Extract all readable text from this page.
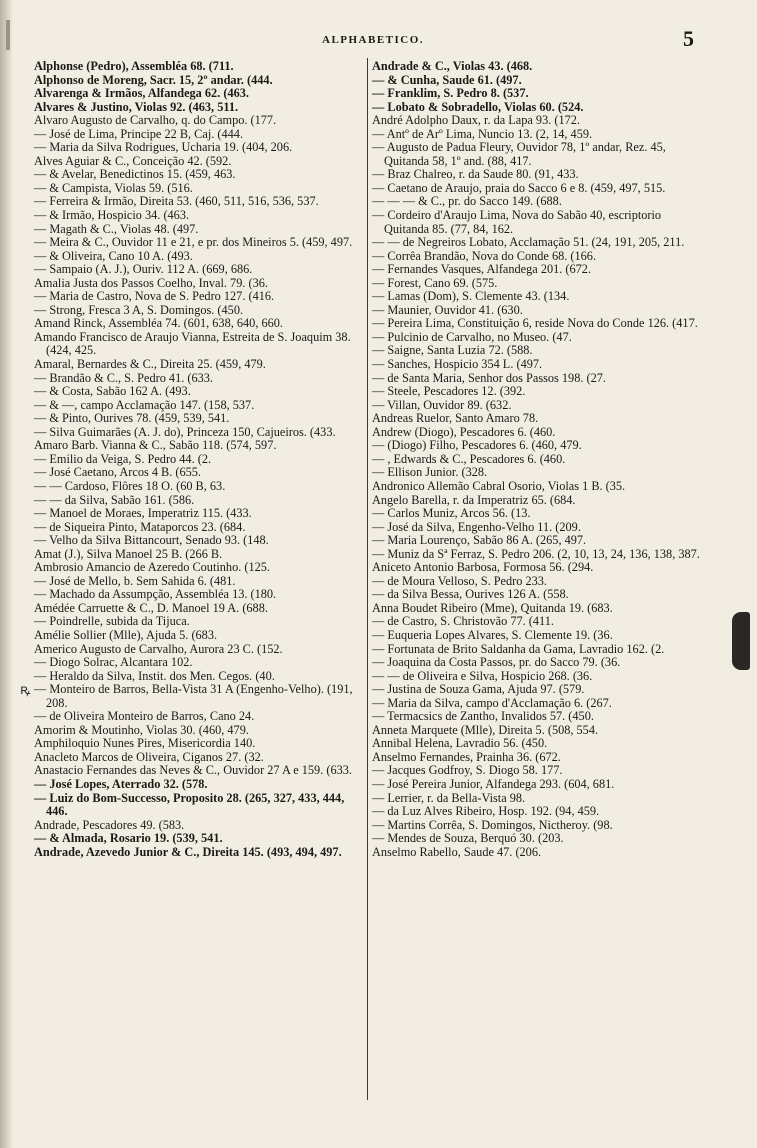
ALPHABETICO.	5

Alphonse (Pedro), Assembléa 68. (711.

Alphonso de Moreng, Sacr. 15, 2º andar. (444.

Alvarenga & Irmãos, Alfandega 62. (463.

Alvares & Justino, Violas 92. (463, 511.

Alvaro Augusto de Carvalho, q. do Campo. (177.

— José de Lima, Principe 22 B, Caj. (444.

— Maria da Silva Rodrigues, Ucharia 19. (404, 206.

Alves Aguiar & C., Conceição 42. (592.

— & Avelar, Benedictinos 15. (459, 463.

— & Campista, Violas 59. (516.

— Ferreira & Irmão, Direita 53. (460, 511, 516, 536, 537.

— & Irmão, Hospicio 34. (463.

— Magath & C., Violas 48. (497.

— Meira & C., Ouvidor 11 e 21, e pr. dos Mineiros 5. (459, 497.

— & Oliveira, Cano 10 A. (493.

— Sampaio (A. J.), Ouriv. 112 A. (669, 686.

Amalia Justa dos Passos Coelho, Inval. 79. (36.

— Maria de Castro, Nova de S. Pedro 127. (416.

— Strong, Fresca 3 A, S. Domingos. (450.

Amand Rinck, Assembléa 74. (601, 638, 640, 660.

Amando Francisco de Araujo Vianna, Estreita de S. Joaquim 38. (424, 425.

Amaral, Bernardes & C., Direita 25. (459, 479.

— Brandão & C., S. Pedro 41. (633.

— & Costa, Sabão 162 A. (493.

— & —, campo Acclamação 147. (158, 537.

— & Pinto, Ourives 78. (459, 539, 541.

— Silva Guimarães (A. J. do), Princeza 150, Cajueiros. (433.

Amaro Barb. Vianna & C., Sabão 118. (574, 597.

— Emilio da Veiga, S. Pedro 44. (2.

— José Caetano, Arcos 4 B. (655.

— — Cardoso, Flôres 18 O. (60 B, 63.

— — da Silva, Sabão 161. (586.

— Manoel de Moraes, Imperatriz 115. (433.

— de Siqueira Pinto, Mataporcos 23. (684.

— Velho da Silva Bittancourt, Senado 93. (148.

Amat (J.), Silva Manoel 25 B. (266 B.

Ambrosio Amancio de Azeredo Coutinho. (125.

— José de Mello, b. Sem Sahida 6. (481.

— Machado da Assumpção, Assembléa 13. (180.

Amédée Carruette & C., D. Manoel 19 A. (688.

— Poindrelle, subida da Tijuca.

Amélie Sollier (Mlle), Ajuda 5. (683.

Americo Augusto de Carvalho, Aurora 23 C. (152.

— Diogo Solrac, Alcantara 102.

— Heraldo da Silva, Instit. dos Men. Cegos. (40.

— Monteiro de Barros, Bella-Vista 31 A (Engenho-Velho). (191, 208.

— de Oliveira Monteiro de Barros, Cano 24.

Amorim & Moutinho, Violas 30. (460, 479.

Amphiloquio Nunes Pires, Misericordia 140.

Anacleto Marcos de Oliveira, Ciganos 27. (32.

Anastacio Fernandes das Neves & C., Ouvidor 27 A e 159. (633.

— José Lopes, Aterrado 32. (578.

— Luiz do Bom-Successo, Proposito 28. (265, 327, 433, 444, 446.

Andrade, Pescadores 49. (583.

— & Almada, Rosario 19. (539, 541.

Andrade, Azevedo Junior & C., Direita 145. (493, 494, 497.

Andrade & C., Violas 43. (468.

— & Cunha, Saude 61. (497.

— Franklim, S. Pedro 8. (537.

— Lobato & Sobradello, Violas 60. (524.

André Adolpho Daux, r. da Lapa 93. (172.

— Antº de Arº Lima, Nuncio 13. (2, 14, 459.

— Augusto de Padua Fleury, Ouvidor 78, 1º andar, Rez. 45, Quitanda 58, 1º and. (88, 417.

— Braz Chalreo, r. da Saude 80. (91, 433.

— Caetano de Araujo, praia do Sacco 6 e 8. (459, 497, 515.

— — — & C., pr. do Sacco 149. (688.

— Cordeiro d'Araujo Lima, Nova do Sabão 40, escriptorio Quitanda 85. (77, 84, 162.

— — de Negreiros Lobato, Acclamação 51. (24, 191, 205, 211.

— Corrêa Brandão, Nova do Conde 68. (166.

— Fernandes Vasques, Alfandega 201. (672.

— Forest, Cano 69. (575.

— Lamas (Dom), S. Clemente 43. (134.

— Maunier, Ouvidor 41. (630.

— Pereira Lima, Constituição 6, reside Nova do Conde 126. (417.

— Pulcinio de Carvalho, no Museo. (47.

— Saigne, Santa Luzia 72. (588.

— Sanches, Hospicio 354 L. (497.

— de Santa Maria, Senhor dos Passos 198. (27.

— Steele, Pescadores 12. (392.

— Villan, Ouvidor 89. (632.

Andreas Ruelor, Santo Amaro 78.

Andrew (Diogo), Pescadores 6. (460.

— (Diogo) Filho, Pescadores 6. (460, 479.

— , Edwards & C., Pescadores 6. (460.

— Ellison Junior. (328.

Andronico Allemão Cabral Osorio, Violas 1 B. (35.

Angelo Barella, r. da Imperatriz 65. (684.

— Carlos Muniz, Arcos 56. (13.

— José da Silva, Engenho-Velho 11. (209.

— Maria Lourenço, Sabão 86 A. (265, 497.

— Muniz da Sª Ferraz, S. Pedro 206. (2, 10, 13, 24, 136, 138, 387.

Aniceto Antonio Barbosa, Formosa 56. (294.

— de Moura Velloso, S. Pedro 233.

— da Silva Bessa, Ourives 126 A. (558.

Anna Boudet Ribeiro (Mme), Quitanda 19. (683.

— de Castro, S. Christovão 77. (411.

— Euqueria Lopes Alvares, S. Clemente 19. (36.

— Fortunata de Brito Saldanha da Gama, Lavradio 162. (2.

— Joaquina da Costa Passos, pr. do Sacco 79. (36.

— — de Oliveira e Silva, Hospicio 268. (36.

— Justina de Souza Gama, Ajuda 97. (579.

— Maria da Silva, campo d'Acclamação 6. (267.

— Termacsics de Zantho, Invalidos 57. (450.

Anneta Marquete (Mlle), Direita 5. (508, 554.

Annibal Helena, Lavradio 56. (450.

Anselmo Fernandes, Prainha 36. (672.

— Jacques Godfroy, S. Diogo 58. 177.

— José Pereira Junior, Alfandega 293. (604, 681.

— Lerrier, r. da Bella-Vista 98.

— da Luz Alves Ribeiro, Hosp. 192. (94, 459.

— Martins Corrêa, S. Domingos, Nictheroy. (98.

— Mendes de Souza, Berquó 30. (203.

Anselmo Rabello, Saude 47. (206.

ꝶ
